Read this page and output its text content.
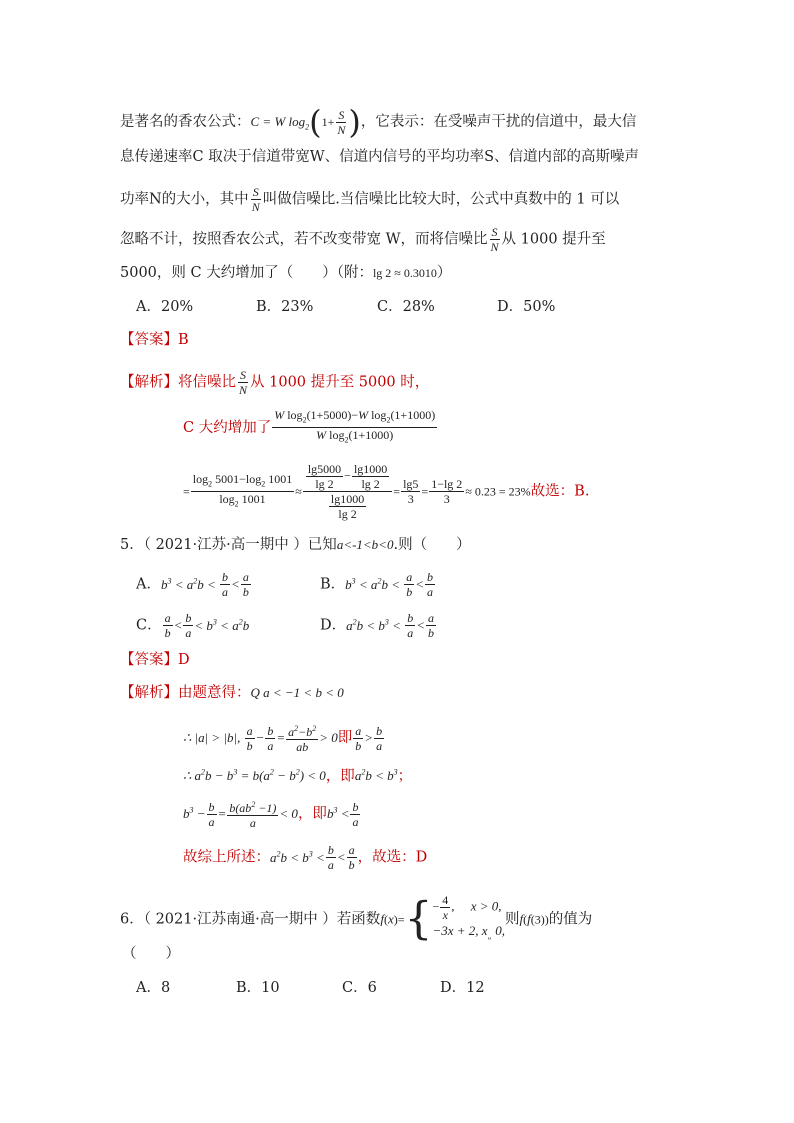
是著名的香农公式：C = W $\log_2(1+ \frac{S}{N}$ )，它表示：在受噪声干扰的信道中，最大信
息传递速率C 取决于信道带宽W、信道内信号的平均功率S、信道内部的高斯噪声
功率N的大小，其中 $\frac{S}{N}$ 叫做信噪比.当信噪比比较大时，公式中真数中的 1 可以
忽略不计，按照香农公式，若不改变带宽 W，而将信噪比 $\frac{S}{N}$ 从 1000 提升至
5000，则 C 大约增加了（　　）（附：lg 2 ≈ 0.3010）
A．20%	B．23%	C．28%	D．50%
【答案】B
【解析】将信噪比 $\frac{S}{N}$ 从 1000 提升至 5000 时，
C 大约增加了 $\frac{W \log_2(1+5000)-W \log_2(1+1000)}{W \log_2(1+1000)}$
= $\frac{\log_2 5001-\log_2 1001}{\log_2 1001} \approx \frac{\frac{\lg 5000}{\lg 2} - \frac{\lg 1000}{\lg 2}}{\frac{\lg 1000}{\lg 2}} = \frac{\lg 5}{3} = \frac{1-\lg 2}{3} \approx 0.23 = 23\%$故选：B.
5．（ 2021·江苏·高一期中 ）已知a<-1<b<0.则（　　）
A．$b^3 < a^2b < \frac{b}{a} < \frac{a}{b}$	B．$b^3 < a^2b < \frac{a}{b} < \frac{b}{a}$
C． $\frac{a}{b} < \frac{b}{a} < b^3 < a^2b$	D．$a^2b < b^3 < \frac{b}{a} < \frac{a}{b}$
【答案】D
【解析】由题意得：Q a < −1 < b < 0
∴ |a| > |b|, $\frac{a}{b} - \frac{b}{a} = \frac{a^2-b^2}{ab} > 0$即 $\frac{a}{b} > \frac{b}{a}$
∴ $a^2b - b^3 = b(a^2 - b^2) < 0$，即$a^2b < b^3$；
$b^3 - \frac{b}{a} = \frac{b(ab^2 -1)}{a} < 0$，即$b^3 < \frac{b}{a}$
故综上所述：$a^2b < b^3 < \frac{b}{a} < \frac{a}{b}$ ，故选：D
6．（ 2021·江苏南通·高一期中 ）若函数$f(x)=\{ - \frac{4}{x}$ ,     x > 0,
−3x + 2, $x_„$ 0,
则f(f(3))的值为
（　　）
A．8	B．10	C．6	D．12
